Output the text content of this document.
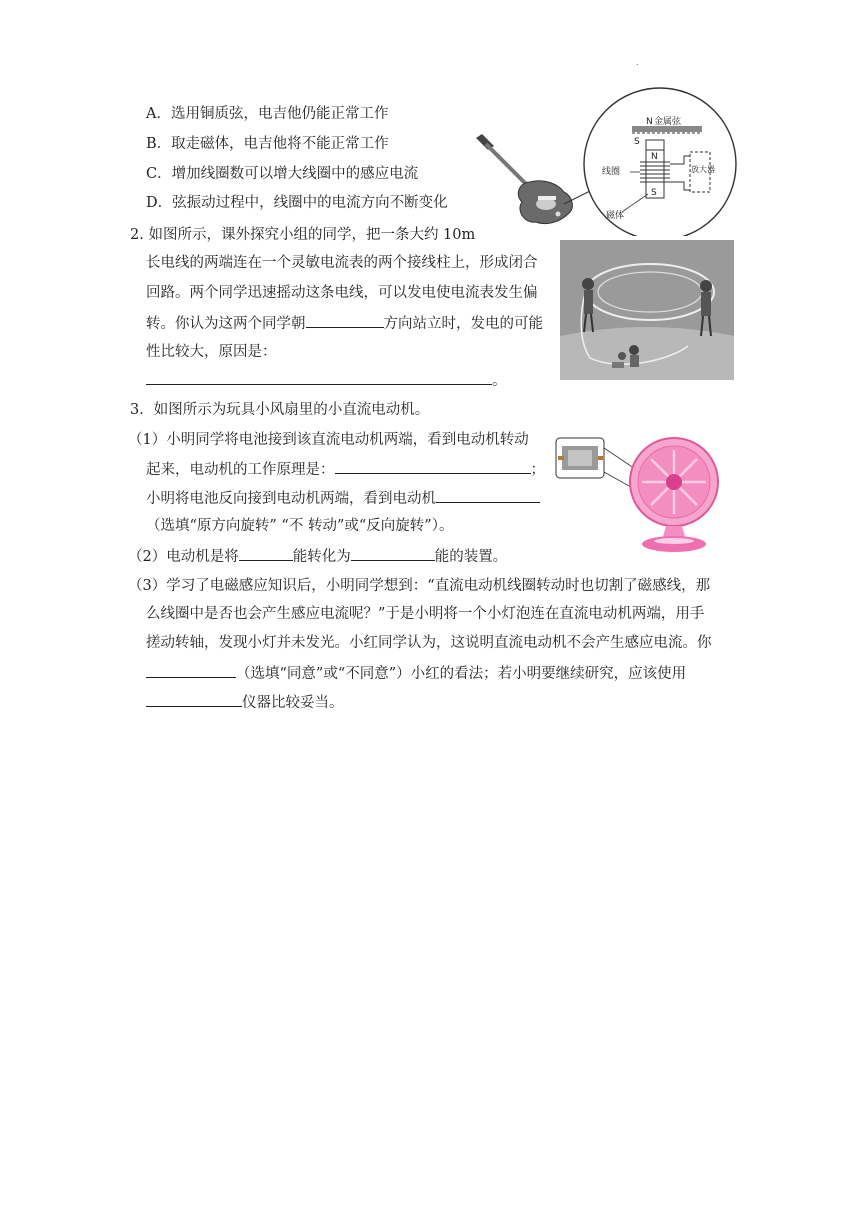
.
A．选用铜质弦，电吉他仍能正常工作
B．取走磁体，电吉他将不能正常工作
C．增加线圈数可以增大线圈中的感应电流
D．弦振动过程中，线圈中的电流方向不断变化
N 金属弦
S
N
S
线圈	放大器
磁体
2. 如图所示，课外探究小组的同学，把一条大约 10m
长电线的两端连在一个灵敏电流表的两个接线柱上，形成闭合
回路。两个同学迅速摇动这条电线，可以发电使电流表发生偏
转。你认为这两个同学朝	方向站立时，发电的可能
性比较大，原因是：
。
3．如图所示为玩具小风扇里的小直流电动机。
（1）小明同学将电池接到该直流电动机两端，看到电动机转动
起来，电动机的工作原理是：	；
小明将电池反向接到电动机两端，看到电动机
（选填“原方向旋转” “不 转动”或“反向旋转”）。
（2）电动机是将	能转化为	能的装置。
（3）学习了电磁感应知识后，小明同学想到：“直流电动机线圈转动时也切割了磁感线，那
么线圈中是否也会产生感应电流呢？”于是小明将一个小灯泡连在直流电动机两端，用手
搓动转轴，发现小灯并未发光。小红同学认为，这说明直流电动机不会产生感应电流。你
（选填“同意”或“不同意”）小红的看法；若小明要继续研究，应该使用
仪器比较妥当。
